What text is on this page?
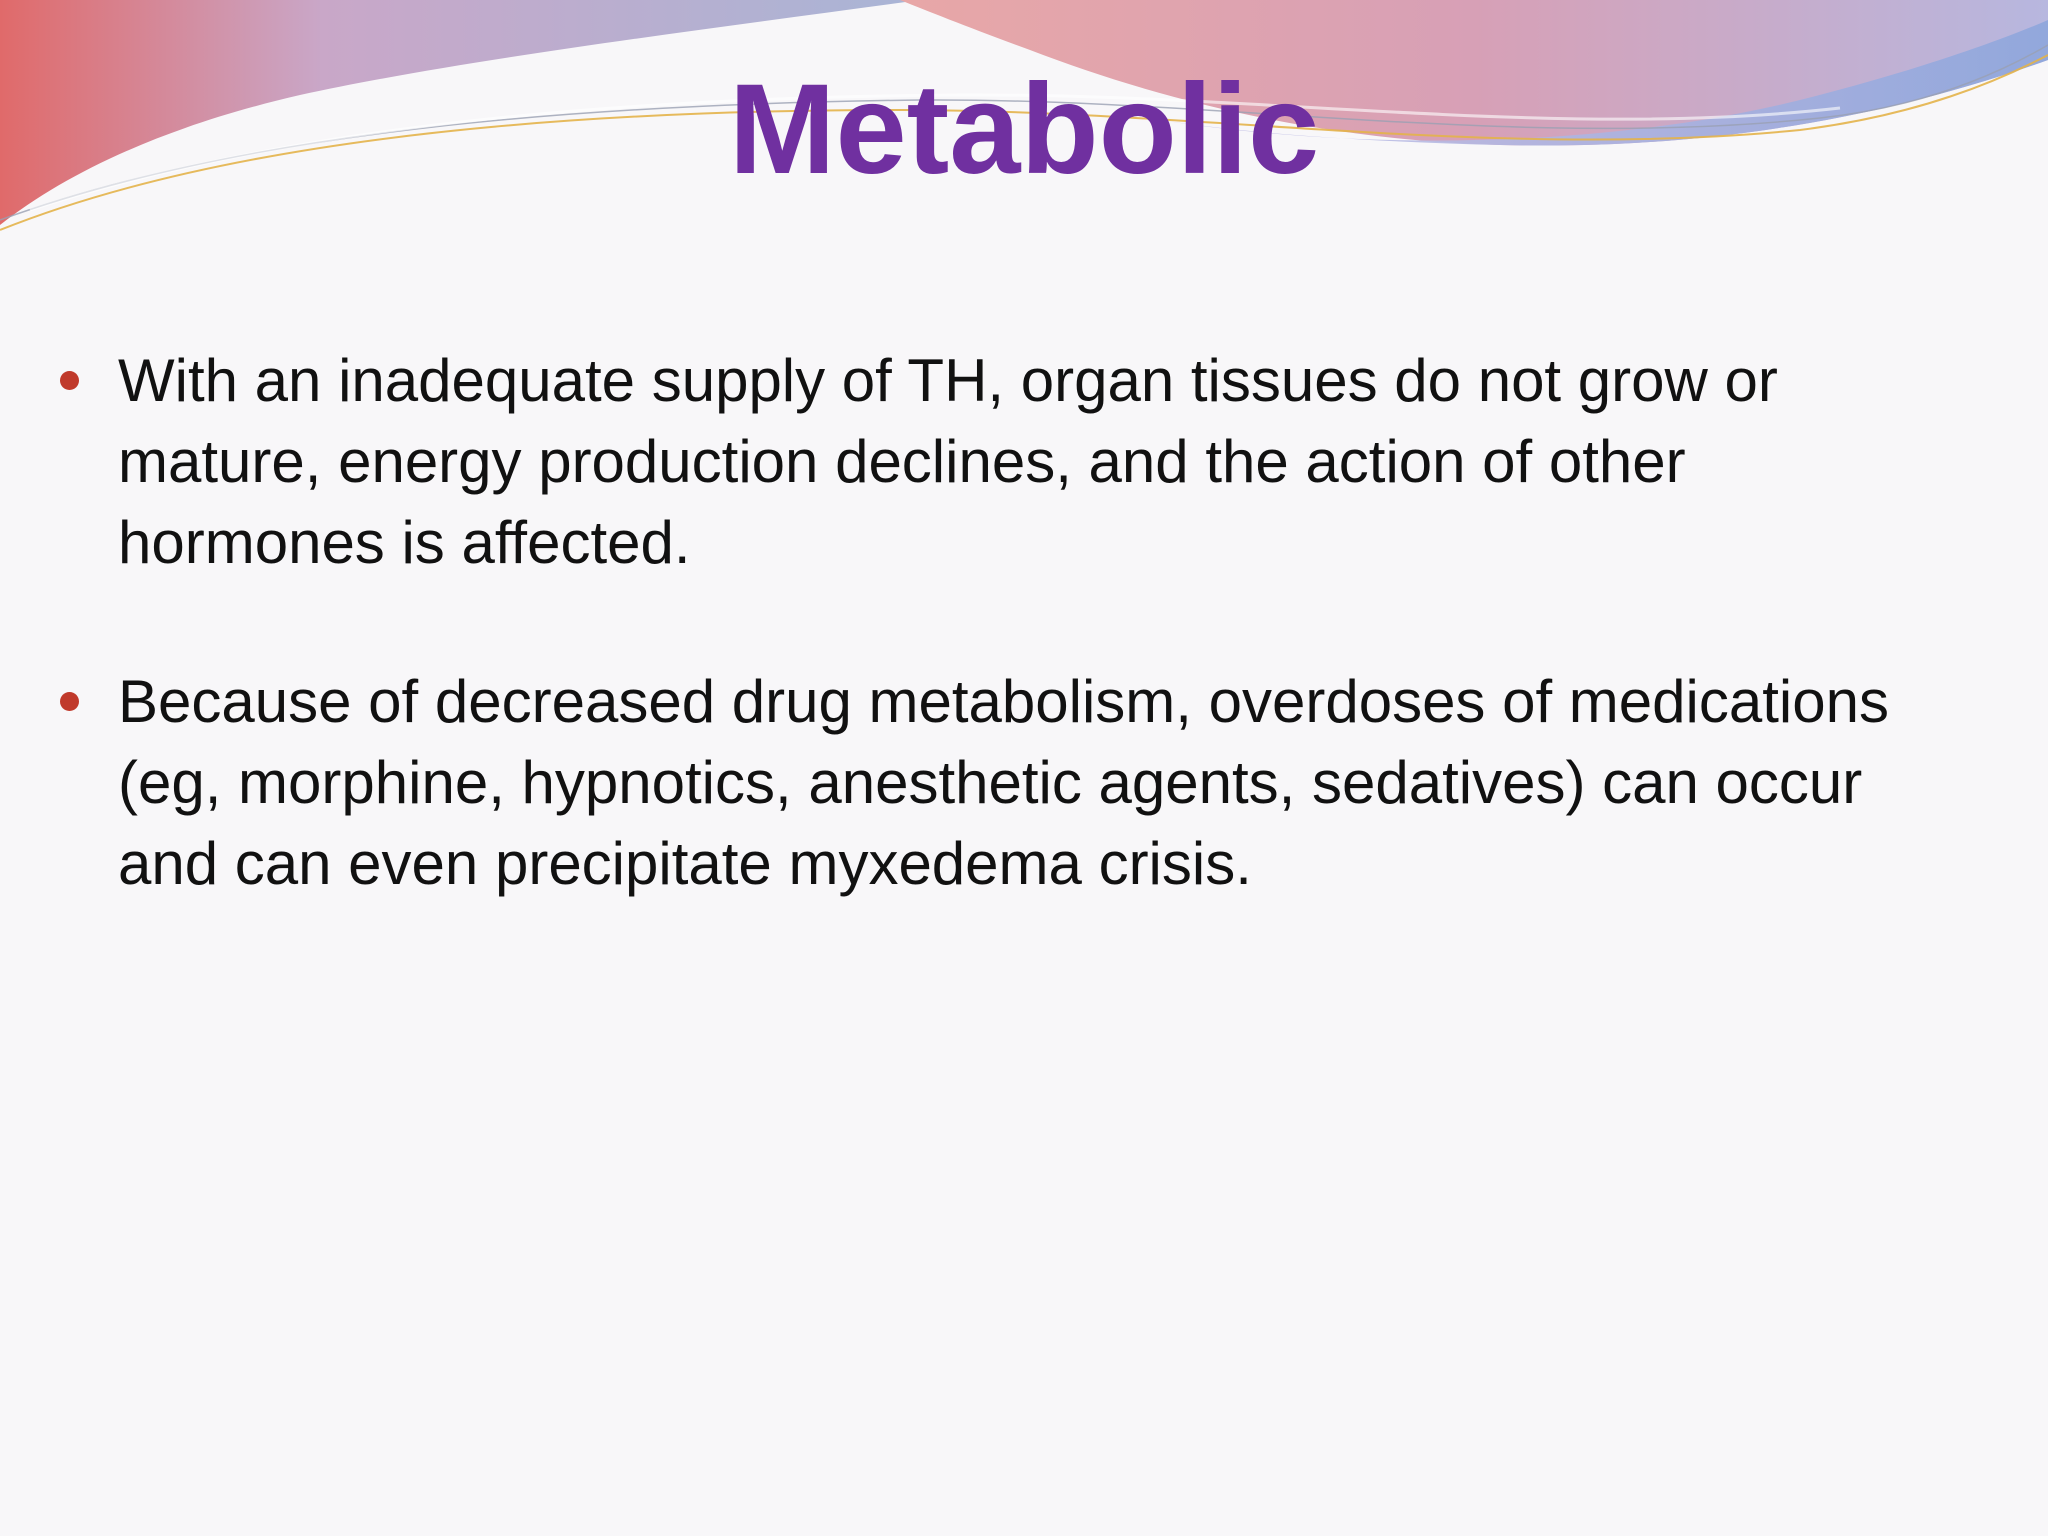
Metabolic
With an inadequate supply of TH, organ tissues do not grow or mature, energy production declines, and the action of other hormones is affected.
Because of decreased drug metabolism, overdoses of medications (eg, morphine, hypnotics, anesthetic agents, sedatives) can occur and can even precipitate myxedema crisis.
